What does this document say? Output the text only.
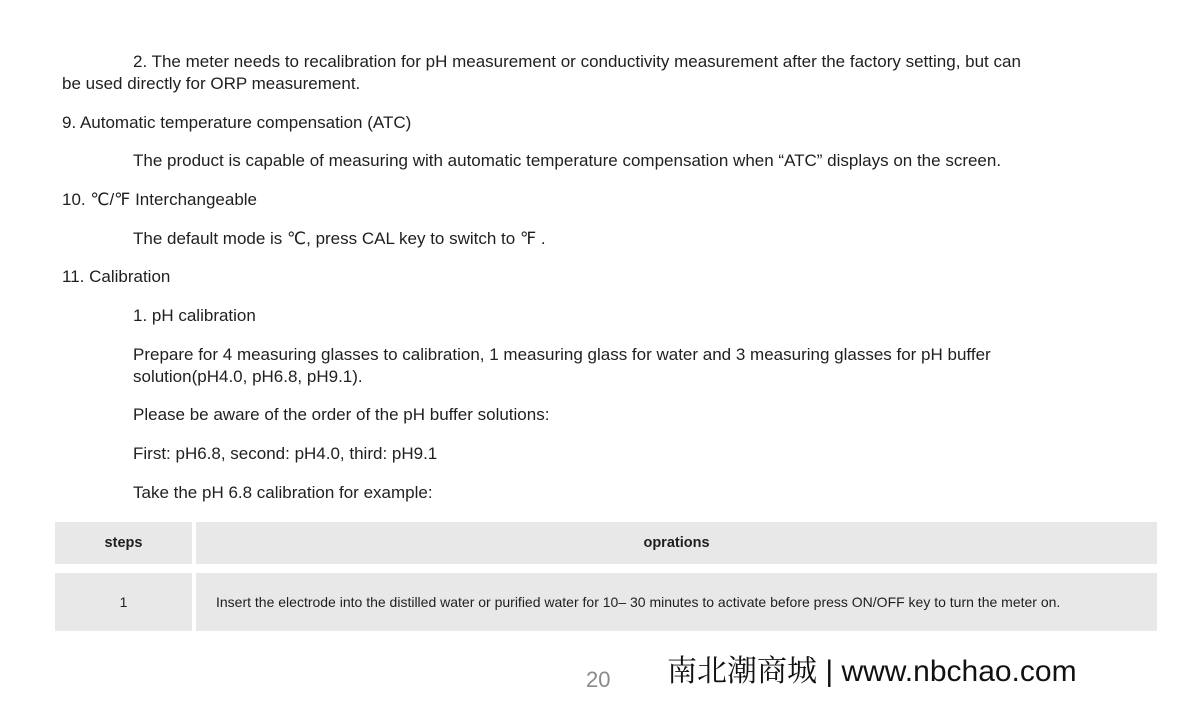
2. The meter needs to recalibration for pH measurement or conductivity measurement after the factory setting, but can
be used directly for ORP measurement.
9. Automatic temperature compensation (ATC)
The product is capable of measuring with automatic temperature compensation when “ATC” displays on the screen.
10. ℃/℉ Interchangeable
The default mode is ℃, press CAL key to switch to ℉ .
11. Calibration
1. pH calibration
Prepare for 4 measuring glasses to calibration, 1 measuring glass for water and 3 measuring glasses for pH buffer solution(pH4.0, pH6.8, pH9.1).
Please be aware of the order of the pH buffer solutions:
First: pH6.8, second: pH4.0, third: pH9.1
Take the pH 6.8 calibration for example:
steps	oprations
1	Insert the electrode into the distilled water or purified water for 10– 30 minutes to activate before press ON/OFF key to turn the meter on.
20 南北潮商城 | www.nbchao.com
